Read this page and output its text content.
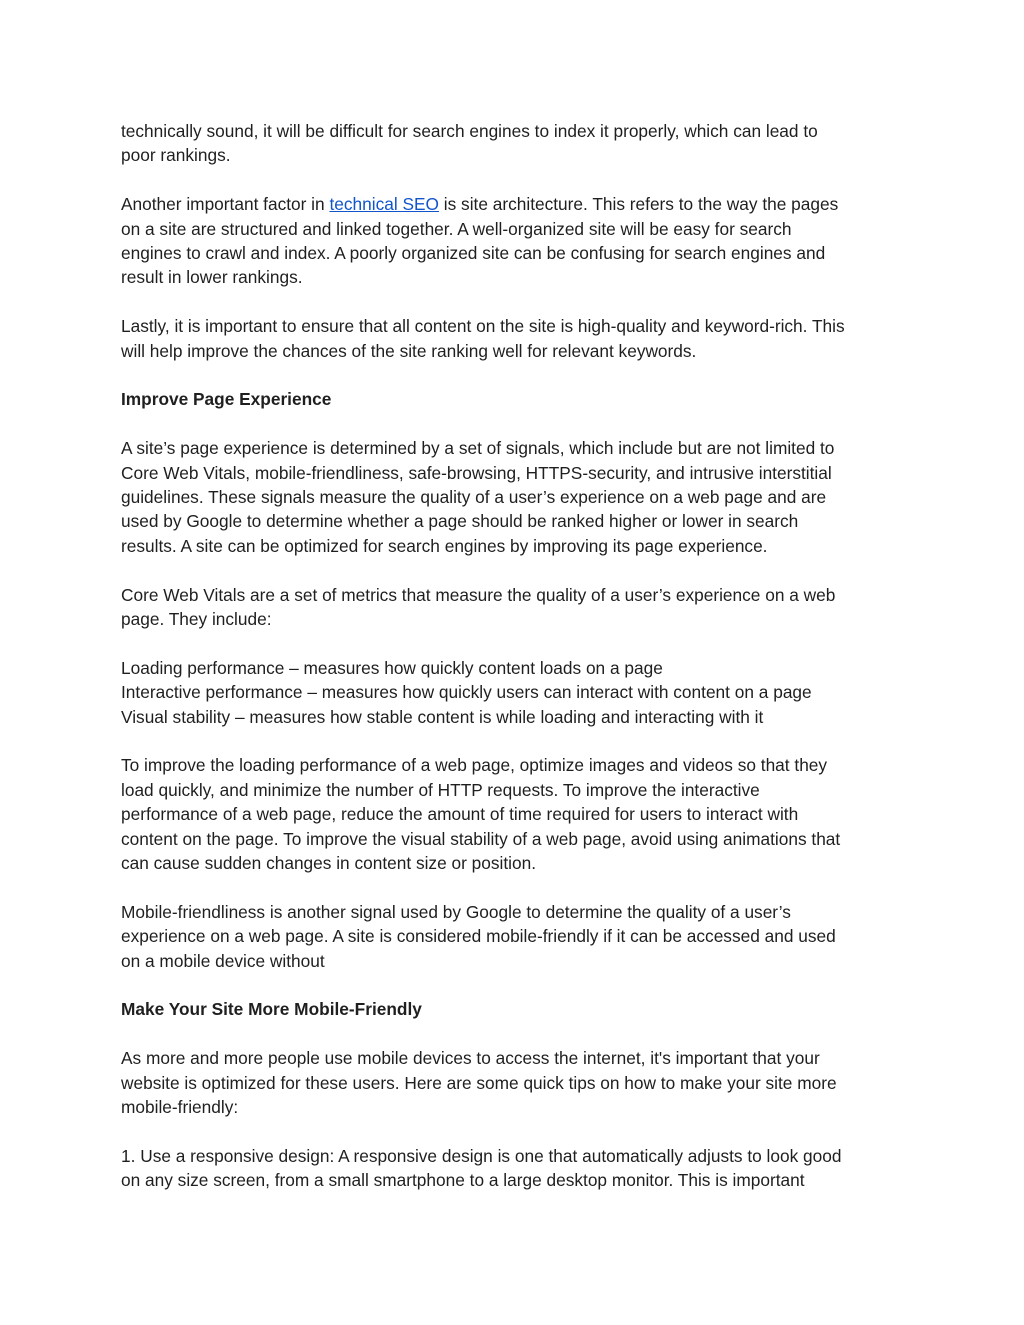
technically sound, it will be difficult for search engines to index it properly, which can lead to
poor rankings.

Another important factor in technical SEO is site architecture. This refers to the way the pages
on a site are structured and linked together. A well-organized site will be easy for search
engines to crawl and index. A poorly organized site can be confusing for search engines and
result in lower rankings.

Lastly, it is important to ensure that all content on the site is high-quality and keyword-rich. This
will help improve the chances of the site ranking well for relevant keywords.

Improve Page Experience

A site’s page experience is determined by a set of signals, which include but are not limited to
Core Web Vitals, mobile-friendliness, safe-browsing, HTTPS-security, and intrusive interstitial
guidelines. These signals measure the quality of a user’s experience on a web page and are
used by Google to determine whether a page should be ranked higher or lower in search
results. A site can be optimized for search engines by improving its page experience.

Core Web Vitals are a set of metrics that measure the quality of a user’s experience on a web
page. They include:

Loading performance – measures how quickly content loads on a page
Interactive performance – measures how quickly users can interact with content on a page
Visual stability – measures how stable content is while loading and interacting with it

To improve the loading performance of a web page, optimize images and videos so that they
load quickly, and minimize the number of HTTP requests. To improve the interactive
performance of a web page, reduce the amount of time required for users to interact with
content on the page. To improve the visual stability of a web page, avoid using animations that
can cause sudden changes in content size or position.

Mobile-friendliness is another signal used by Google to determine the quality of a user’s
experience on a web page. A site is considered mobile-friendly if it can be accessed and used
on a mobile device without

Make Your Site More Mobile-Friendly

As more and more people use mobile devices to access the internet, it's important that your
website is optimized for these users. Here are some quick tips on how to make your site more
mobile-friendly:

1. Use a responsive design: A responsive design is one that automatically adjusts to look good
on any size screen, from a small smartphone to a large desktop monitor. This is important
